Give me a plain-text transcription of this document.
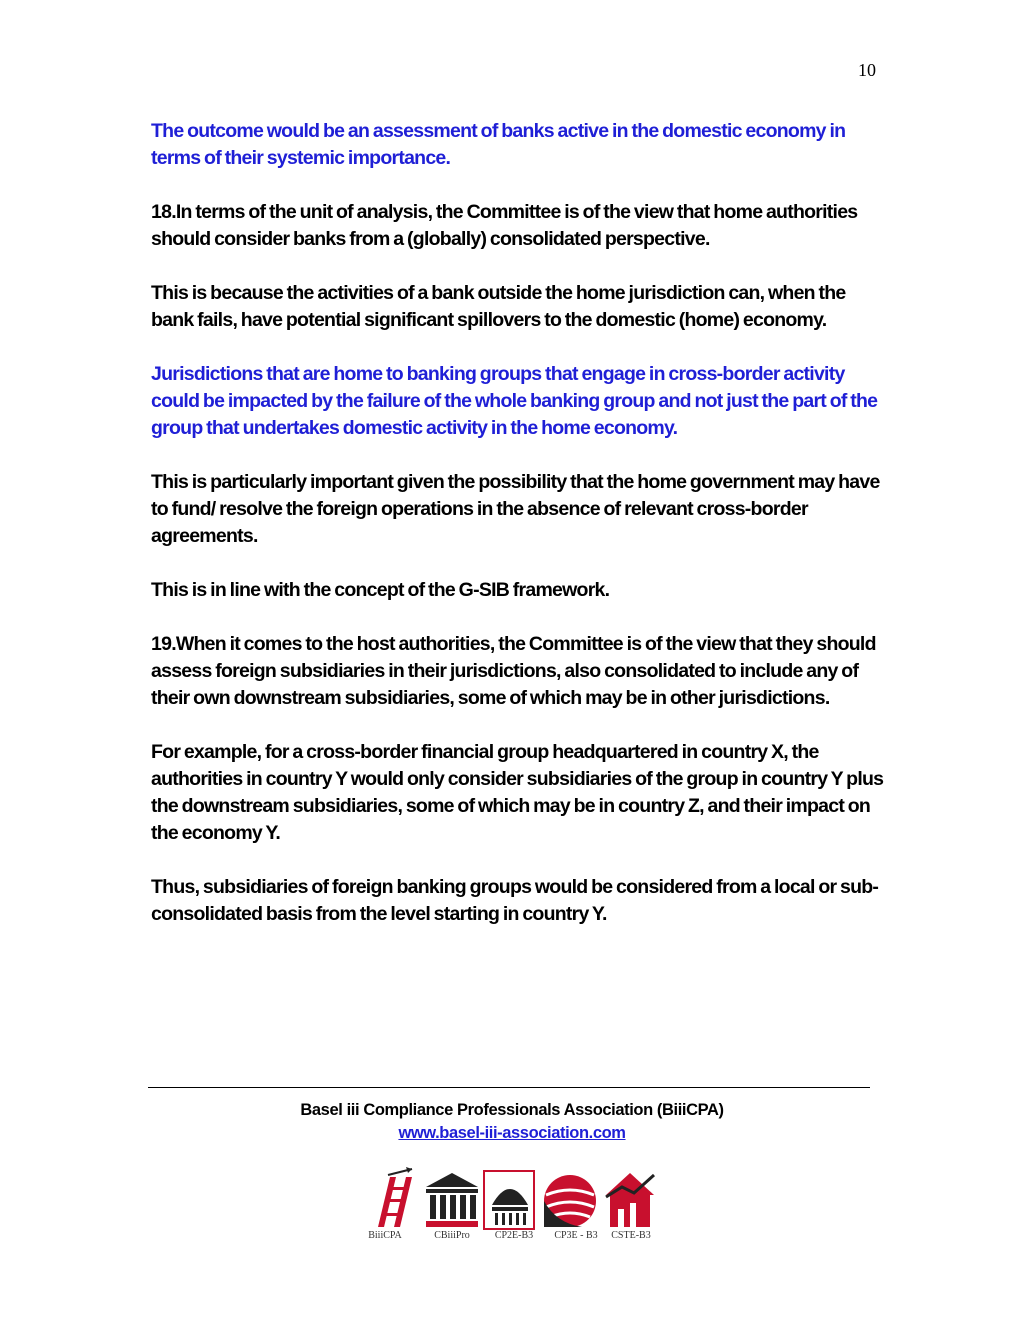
10

The outcome would be an assessment of banks active in the domestic economy in terms of their systemic importance.

18.In terms of the unit of analysis, the Committee is of the view that home authorities should consider banks from a (globally) consolidated perspective.

This is because the activities of a bank outside the home jurisdiction can, when the bank fails, have potential significant spillovers to the domestic (home) economy.

Jurisdictions that are home to banking groups that engage in cross-border activity could be impacted by the failure of the whole banking group and not just the part of the group that undertakes domestic activity in the home economy.

This is particularly important given the possibility that the home government may have to fund/ resolve the foreign operations in the absence of relevant cross-border agreements.

This is in line with the concept of the G-SIB framework.

19.When it comes to the host authorities, the Committee is of the view that they should assess foreign subsidiaries in their jurisdictions, also consolidated to include any of their own downstream subsidiaries, some of which may be in other jurisdictions.

For example, for a cross-border financial group headquartered in country X, the authorities in country Y would only consider subsidiaries of the group in country Y plus the downstream subsidiaries, some of which may be in country Z, and their impact on the economy Y.

Thus, subsidiaries of foreign banking groups would be considered from a local or sub-consolidated basis from the level starting in country Y.

Basel iii Compliance Professionals Association (BiiiCPA)
www.basel-iii-association.com
BiiiCPA	CBiiiPro	CP2E-B3	CP3E - B3	CSTE-B3
